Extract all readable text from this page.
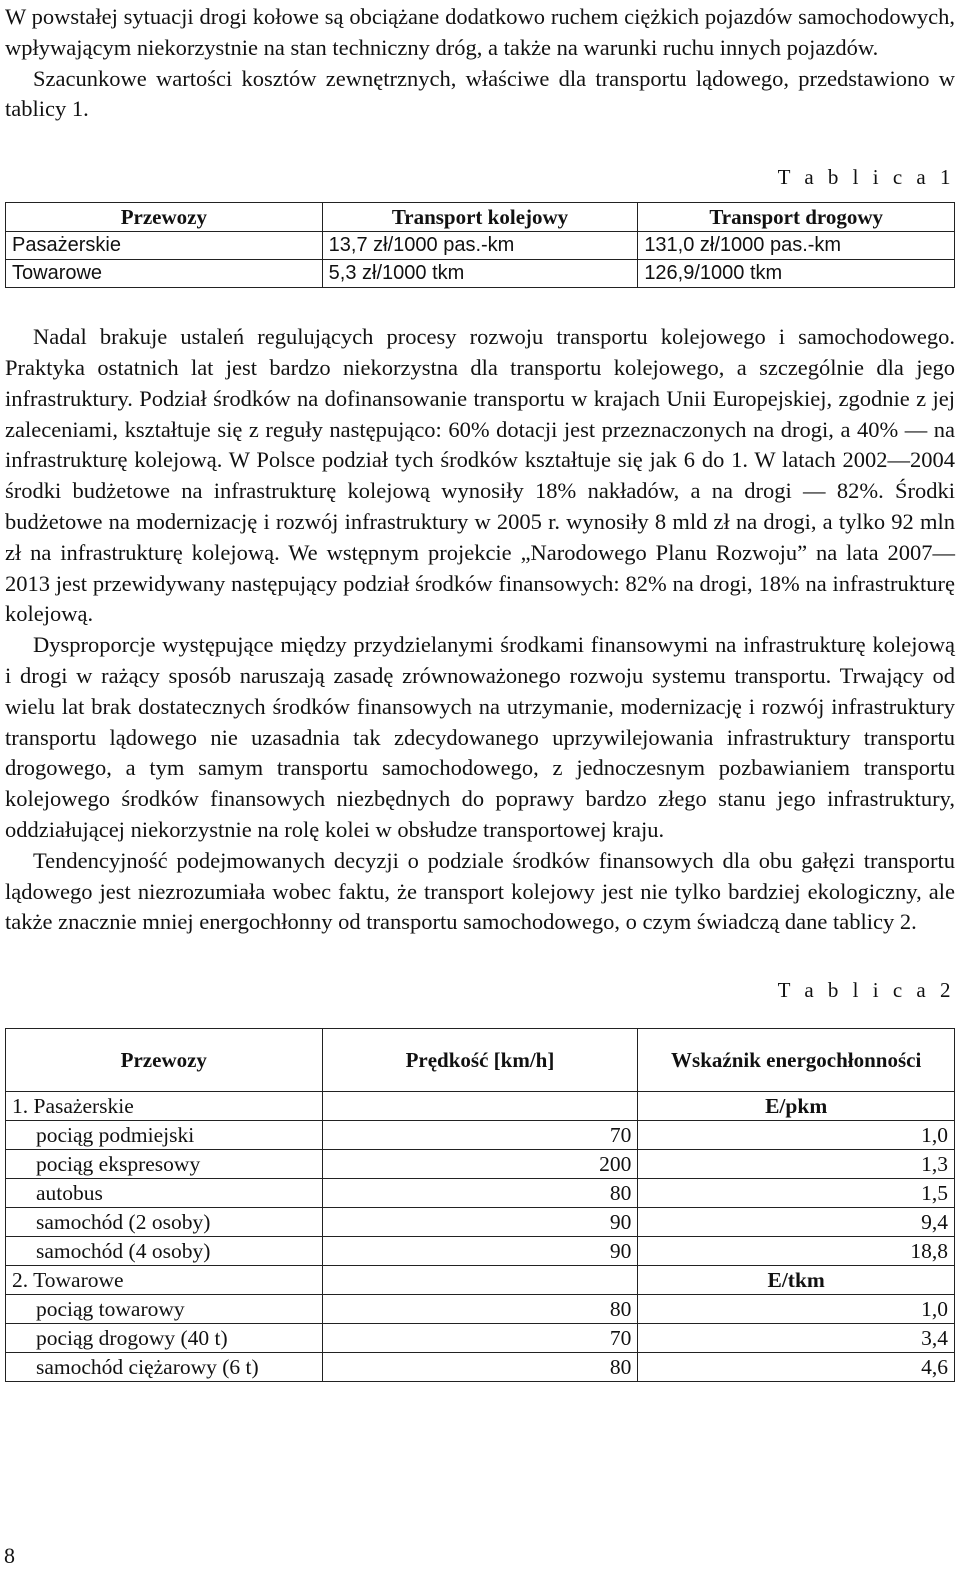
W powstałej sytuacji drogi kołowe są obciążane dodatkowo ruchem ciężkich pojazdów samochodowych, wpływającym niekorzystnie na stan techniczny dróg, a także na warunki ruchu innych pojazdów.

Szacunkowe wartości kosztów zewnętrznych, właściwe dla transportu lądowego, przedstawiono w tablicy 1.

T a b l i c a 1

Przewozy	Transport kolejowy	Transport drogowy
Pasażerskie	13,7 zł/1000 pas.-km	131,0 zł/1000 pas.-km
Towarowe	5,3 zł/1000 tkm	126,9/1000 tkm

Nadal brakuje ustaleń regulujących procesy rozwoju transportu kolejowego i samochodowego. Praktyka ostatnich lat jest bardzo niekorzystna dla transportu kolejowego, a szczególnie dla jego infrastruktury. Podział środków na dofinansowanie transportu w krajach Unii Europejskiej, zgodnie z jej zaleceniami, kształtuje się z reguły następująco: 60% dotacji jest przeznaczonych na drogi, a 40% — na infrastrukturę kolejową. W Polsce podział tych środków kształtuje się jak 6 do 1. W latach 2002—2004 środki budżetowe na infrastrukturę kolejową wynosiły 18% nakładów, a na drogi — 82%. Środki budżetowe na modernizację i rozwój infrastruktury w 2005 r. wynosiły 8 mld zł na drogi, a tylko 92 mln zł na infrastrukturę kolejową. We wstępnym projekcie „Narodowego Planu Rozwoju” na lata 2007—2013 jest przewidywany następujący podział środków finansowych: 82% na drogi, 18% na infrastrukturę kolejową.

Dysproporcje występujące między przydzielanymi środkami finansowymi na infrastrukturę kolejową i drogi w rażący sposób naruszają zasadę zrównoważonego rozwoju systemu transportu. Trwający od wielu lat brak dostatecznych środków finansowych na utrzymanie, modernizację i rozwój infrastruktury transportu lądowego nie uzasadnia tak zdecydowanego uprzywilejowania infrastruktury transportu drogowego, a tym samym transportu samochodowego, z jednoczesnym pozbawianiem transportu kolejowego środków finansowych niezbędnych do poprawy bardzo złego stanu jego infrastruktury, oddziałującej niekorzystnie na rolę kolei w obsłudze transportowej kraju.

Tendencyjność podejmowanych decyzji o podziale środków finansowych dla obu gałęzi transportu lądowego jest niezrozumiała wobec faktu, że transport kolejowy jest nie tylko bardziej ekologiczny, ale także znacznie mniej energochłonny od transportu samochodowego, o czym świadczą dane tablicy 2.

T a b l i c a 2

Przewozy	Prędkość [km/h]	Wskaźnik energochłonności
1. Pasażerskie		E/pkm
pociąg podmiejski	70	1,0
pociąg ekspresowy	200	1,3
autobus	80	1,5
samochód (2 osoby)	90	9,4
samochód (4 osoby)	90	18,8
2. Towarowe		E/tkm
pociąg towarowy	80	1,0
pociąg drogowy (40 t)	70	3,4
samochód ciężarowy (6 t)	80	4,6
8
